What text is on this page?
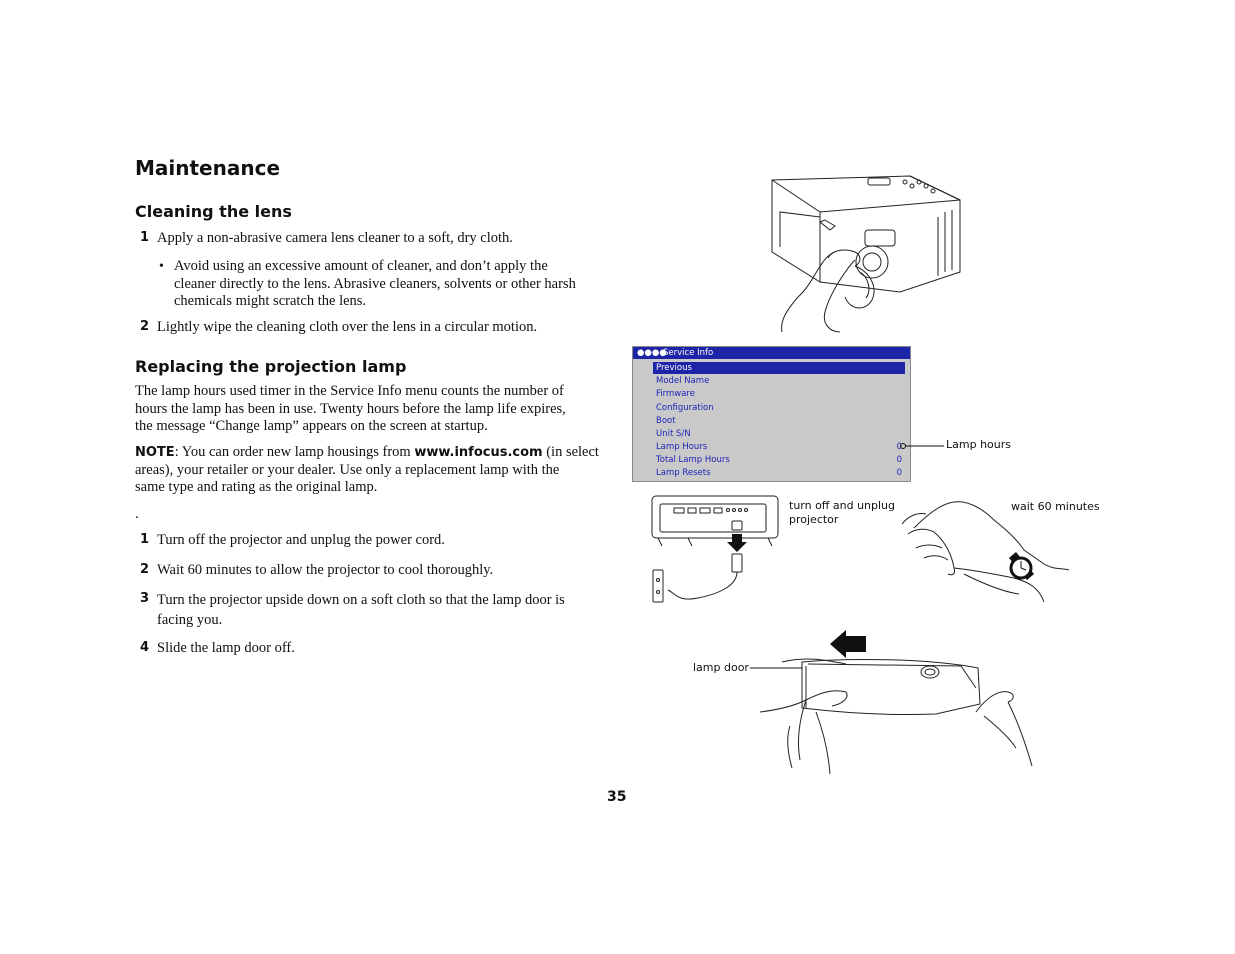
Maintenance
Cleaning the lens
1 Apply a non-abrasive camera lens cleaner to a soft, dry cloth.
• Avoid using an excessive amount of cleaner, and don’t apply the
cleaner directly to the lens. Abrasive cleaners, solvents or other harsh
chemicals might scratch the lens.
2 Lightly wipe the cleaning cloth over the lens in a circular motion.
Replacing the projection lamp
The lamp hours used timer in the Service Info menu counts the number of
hours the lamp has been in use. Twenty hours before the lamp life expires,
the message “Change lamp” appears on the screen at startup.
NOTE: You can order new lamp housings from www.infocus.com (in select
areas), your retailer or your dealer. Use only a replacement lamp with the
same type and rating as the original lamp.
.
1 Turn off the projector and unplug the power cord.
2 Wait 60 minutes to allow the projector to cool thoroughly.
3 Turn the projector upside down on a soft cloth so that the lamp door is
facing you.
4 Slide the lamp door off.
●●●●
Service Info
Previous
Model Name
Firmware
Configuration
Boot
Unit S/N
Lamp Hours	0
Total Lamp Hours	0
Lamp Resets	0
Lamp hours
turn off and unplug
projector
wait 60 minutes
lamp door
35
